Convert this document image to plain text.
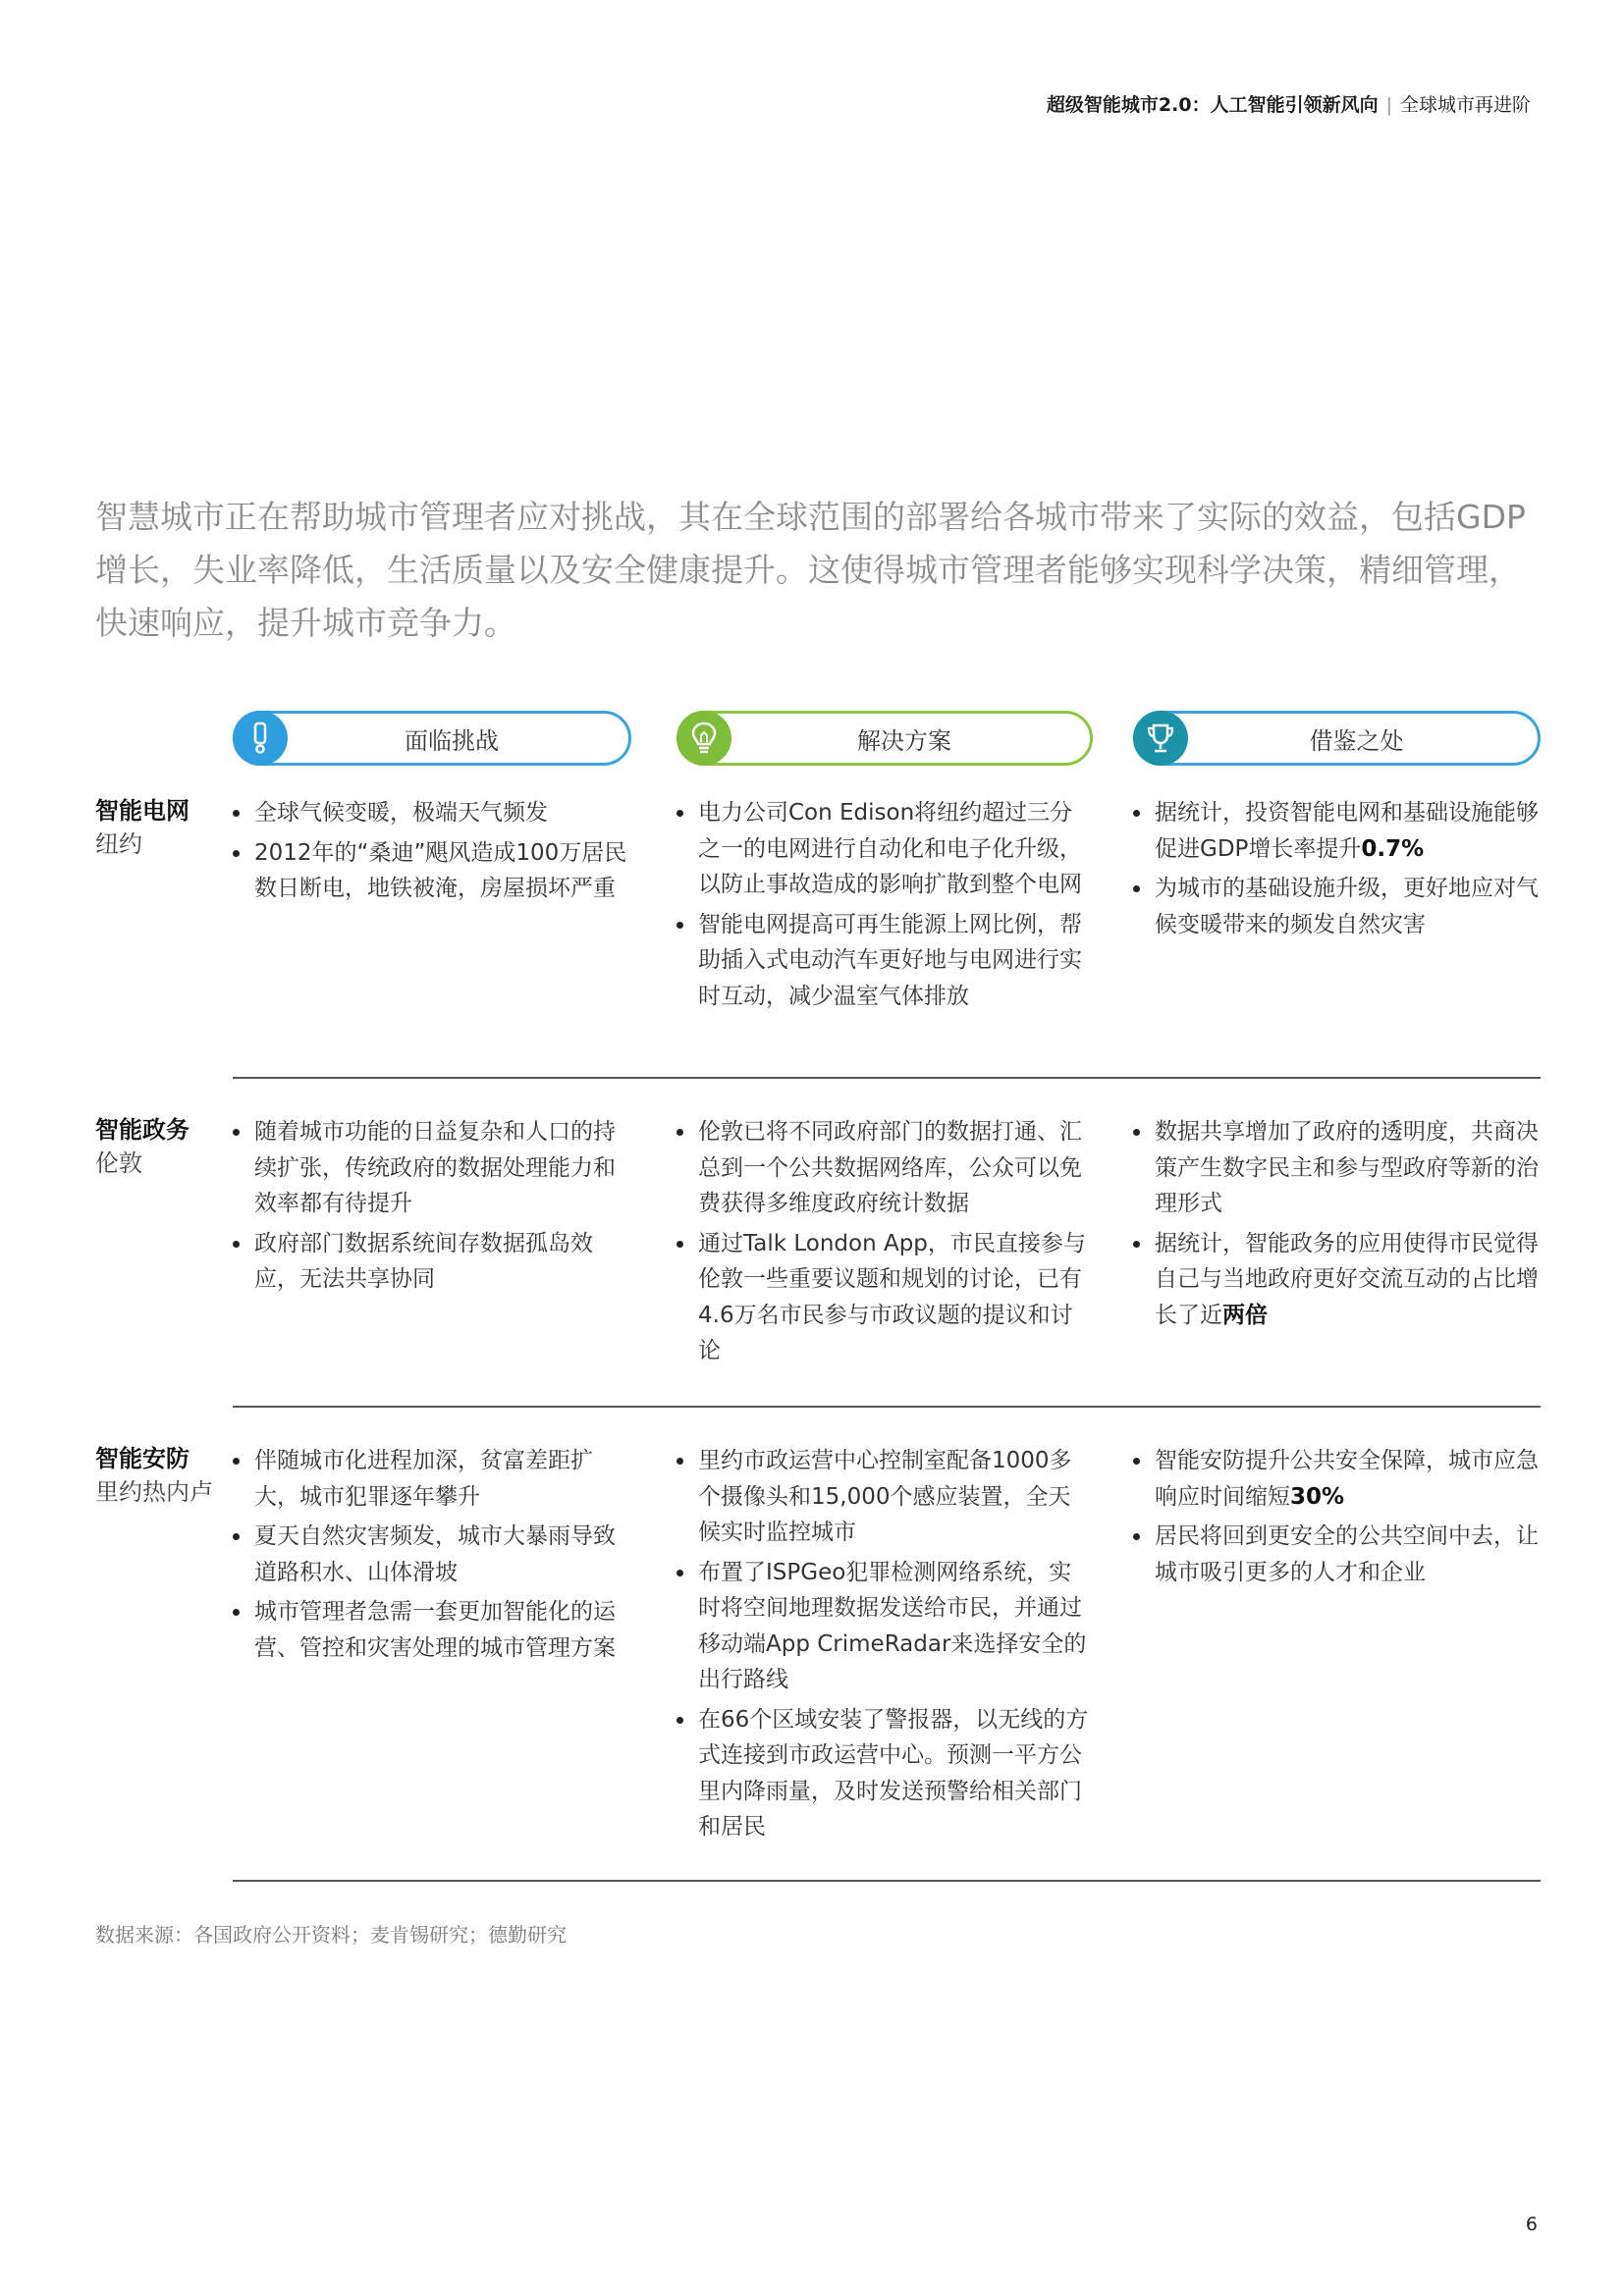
超级智能城市2.0：人工智能引领新风向 | 全球城市再进阶
智慧城市正在帮助城市管理者应对挑战，其在全球范围的部署给各城市带来了实际的效益，包括GDP增长，失业率降低，生活质量以及安全健康提升。这使得城市管理者能够实现科学决策，精细管理，快速响应，提升城市竞争力。
面临挑战	解决方案	借鉴之处
智能电网
纽约
全球气候变暖，极端天气频发
2012年的“桑迪”飓风造成100万居民数日断电，地铁被淹，房屋损坏严重
电力公司Con Edison将纽约超过三分之一的电网进行自动化和电子化升级，以防止事故造成的影响扩散到整个电网
智能电网提高可再生能源上网比例，帮助插入式电动汽车更好地与电网进行实时互动，减少温室气体排放
据统计，投资智能电网和基础设施能够促进GDP增长率提升0.7%
为城市的基础设施升级，更好地应对气候变暖带来的频发自然灾害
智能政务
伦敦
随着城市功能的日益复杂和人口的持续扩张，传统政府的数据处理能力和效率都有待提升
政府部门数据系统间存数据孤岛效应，无法共享协同
伦敦已将不同政府部门的数据打通、汇总到一个公共数据网络库，公众可以免费获得多维度政府统计数据
通过Talk London App，市民直接参与伦敦一些重要议题和规划的讨论，已有4.6万名市民参与市政议题的提议和讨论
数据共享增加了政府的透明度，共商决策产生数字民主和参与型政府等新的治理形式
据统计，智能政务的应用使得市民觉得自己与当地政府更好交流互动的占比增长了近两倍
智能安防
里约热内卢
伴随城市化进程加深，贫富差距扩大，城市犯罪逐年攀升
夏天自然灾害频发，城市大暴雨导致道路积水、山体滑坡
城市管理者急需一套更加智能化的运营、管控和灾害处理的城市管理方案
里约市政运营中心控制室配备1000多个摄像头和15,000个感应装置，全天候实时监控城市
布置了ISPGeo犯罪检测网络系统，实时将空间地理数据发送给市民，并通过移动端App CrimeRadar来选择安全的出行路线
在66个区域安装了警报器，以无线的方式连接到市政运营中心。预测一平方公里内降雨量，及时发送预警给相关部门和居民
智能安防提升公共安全保障，城市应急响应时间缩短30%
居民将回到更安全的公共空间中去，让城市吸引更多的人才和企业
数据来源：各国政府公开资料；麦肯锡研究；德勤研究
6
